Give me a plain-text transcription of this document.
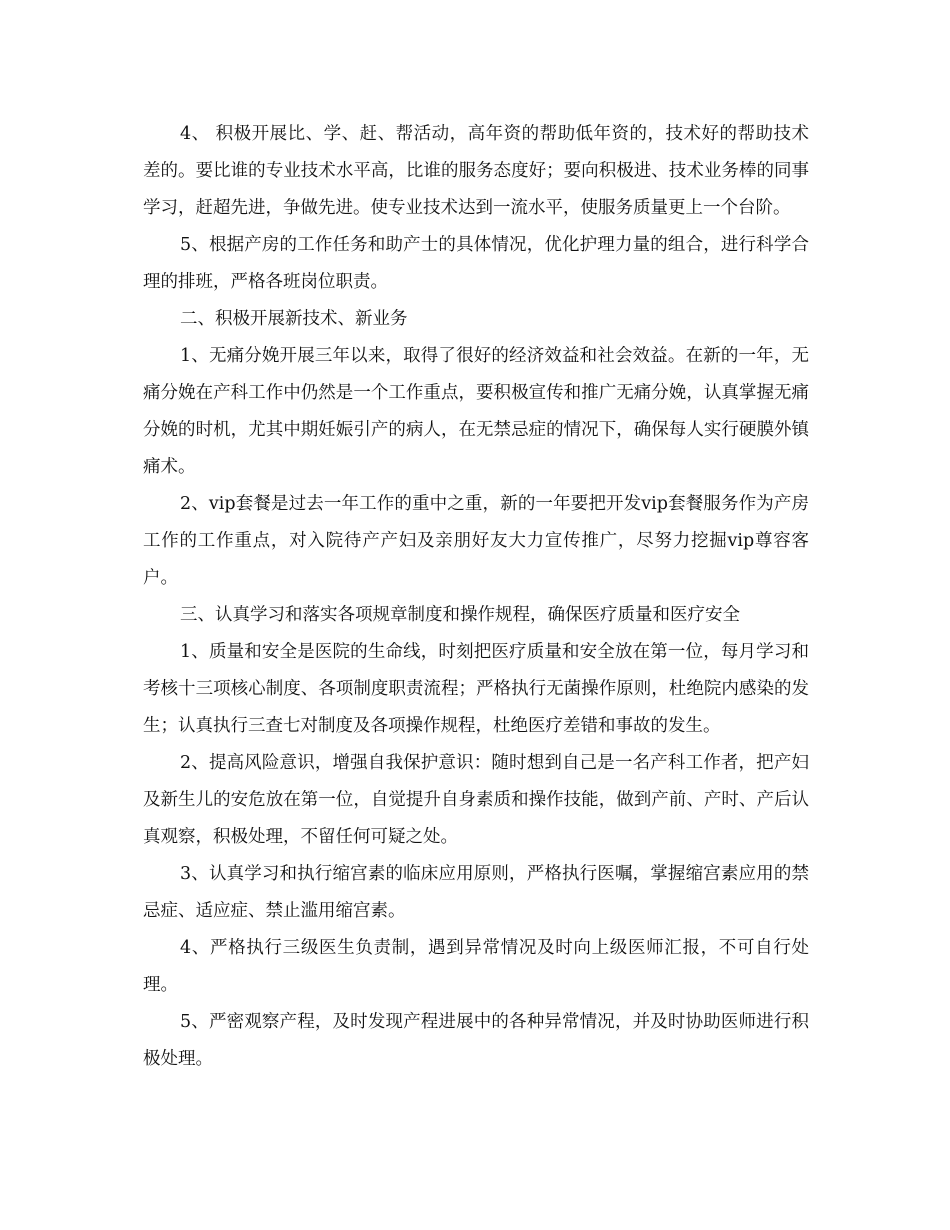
4、 积极开展比、学、赶、帮活动，高年资的帮助低年资的，技术好的帮助技术差的。要比谁的专业技术水平高，比谁的服务态度好；要向积极进、技术业务棒的同事学习，赶超先进，争做先进。使专业技术达到一流水平，使服务质量更上一个台阶。

5、根据产房的工作任务和助产士的具体情况，优化护理力量的组合，进行科学合理的排班，严格各班岗位职责。

二、积极开展新技术、新业务

1、无痛分娩开展三年以来，取得了很好的经济效益和社会效益。在新的一年，无痛分娩在产科工作中仍然是一个工作重点，要积极宣传和推广无痛分娩，认真掌握无痛分娩的时机，尤其中期妊娠引产的病人，在无禁忌症的情况下，确保每人实行硬膜外镇痛术。

2、vip套餐是过去一年工作的重中之重，新的一年要把开发vip套餐服务作为产房工作的工作重点，对入院待产产妇及亲朋好友大力宣传推广，尽努力挖掘vip尊容客户。

三、认真学习和落实各项规章制度和操作规程，确保医疗质量和医疗安全

1、质量和安全是医院的生命线，时刻把医疗质量和安全放在第一位，每月学习和考核十三项核心制度、各项制度职责流程；严格执行无菌操作原则，杜绝院内感染的发生；认真执行三查七对制度及各项操作规程，杜绝医疗差错和事故的发生。

2、提高风险意识，增强自我保护意识：随时想到自己是一名产科工作者，把产妇及新生儿的安危放在第一位，自觉提升自身素质和操作技能，做到产前、产时、产后认真观察，积极处理，不留任何可疑之处。

3、认真学习和执行缩宫素的临床应用原则，严格执行医嘱，掌握缩宫素应用的禁忌症、适应症、禁止滥用缩宫素。

4、严格执行三级医生负责制，遇到异常情况及时向上级医师汇报，不可自行处理。

5、严密观察产程，及时发现产程进展中的各种异常情况，并及时协助医师进行积极处理。
